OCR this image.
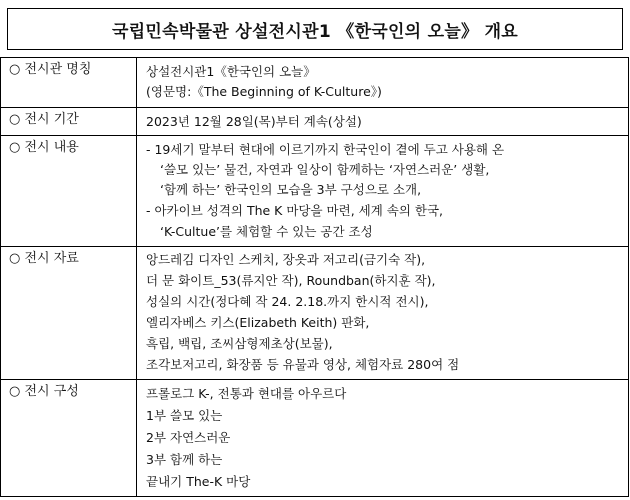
국립민속박물관 상설전시관1 《한국인의 오늘》 개요
○ 전시관 명칭	상설전시관1《한국인의 오늘》
(영문명:《The Beginning of K-Culture》)
○ 전시 기간	2023년 12월 28일(목)부터 계속(상설)
○ 전시 내용	- 19세기 말부터 현대에 이르기까지 한국인이 곁에 두고 사용해 온
‘쓸모 있는’ 물건, 자연과 일상이 함께하는 ‘자연스러운’ 생활,
‘함께 하는’ 한국인의 모습을 3부 구성으로 소개,
- 아카이브 성격의 The K 마당을 마련, 세계 속의 한국,
‘K-Cultue’를 체험할 수 있는 공간 조성
○ 전시 자료	앙드레김 디자인 스케치, 장옷과 저고리(금기숙 작),
더 문 화이트_53(류지안 작), Roundban(하지훈 작),
성실의 시간(정다혜 작 24. 2.18.까지 한시적 전시),
엘리자베스 키스(Elizabeth Keith) 판화,
흑립, 백립, 조씨삼형제초상(보물),
조각보저고리, 화장품 등 유물과 영상, 체험자료 280여 점
○ 전시 구성	프롤로그 K-, 전통과 현대를 아우르다
1부 쓸모 있는
2부 자연스러운
3부 함께 하는
끝내기 The-K 마당
